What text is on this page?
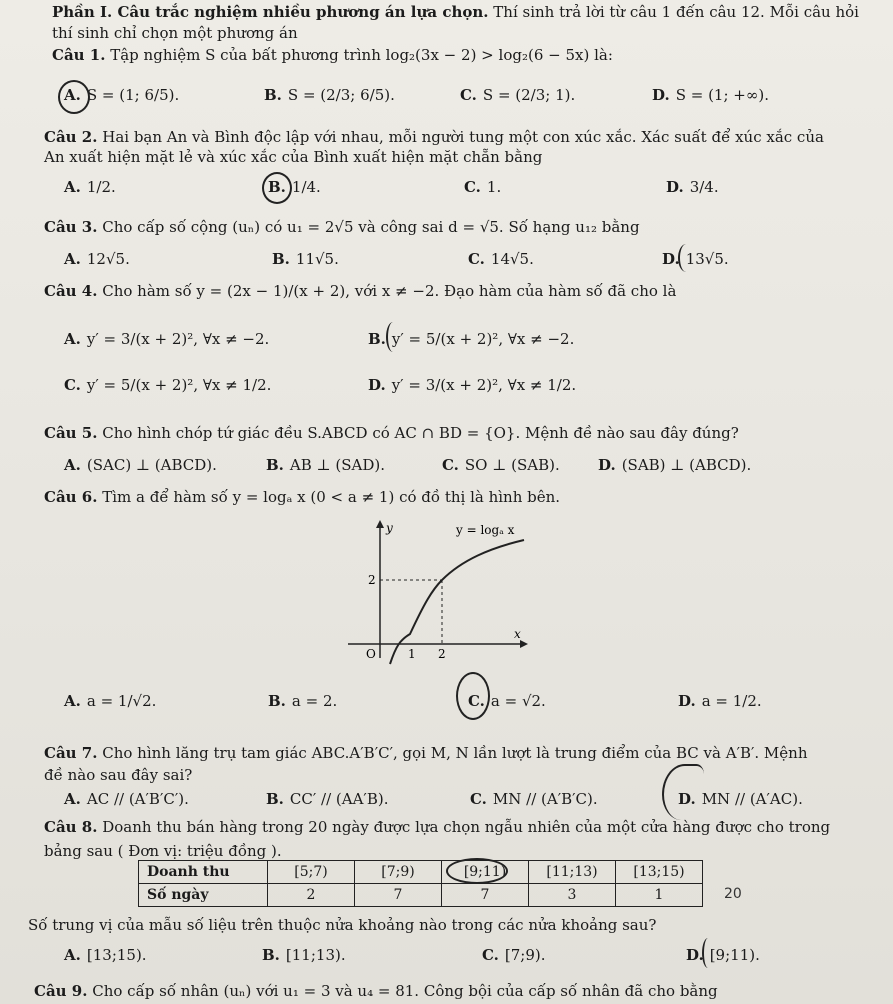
Phần I. Câu trắc nghiệm nhiều phương án lựa chọn. Thí sinh trả lời từ câu 1 đến câu 12. Mỗi câu hỏi
thí sinh chỉ chọn một phương án
Câu 1. Tập nghiệm S của bất phương trình log₂(3x − 2) > log₂(6 − 5x) là:
A. S = (1; 6/5).	B. S = (2/3; 6/5).	C. S = (2/3; 1).	D. S = (1; +∞).
Câu 2. Hai bạn An và Bình độc lập với nhau, mỗi người tung một con xúc xắc. Xác suất để xúc xắc của
An xuất hiện mặt lẻ và xúc xắc của Bình xuất hiện mặt chẵn bằng
A. 1/2.	B. 1/4.	C. 1.	D. 3/4.
Câu 3. Cho cấp số cộng (uₙ) có u₁ = 2√5 và công sai d = √5. Số hạng u₁₂ bằng
A. 12√5.	B. 11√5.	C. 14√5.	D. 13√5.
Câu 4. Cho hàm số y = (2x − 1)/(x + 2), với x ≠ −2. Đạo hàm của hàm số đã cho là
A. y′ = 3/(x + 2)², ∀x ≠ −2.	B. y′ = 5/(x + 2)², ∀x ≠ −2.
C. y′ = 5/(x + 2)², ∀x ≠ 1/2.	D. y′ = 3/(x + 2)², ∀x ≠ 1/2.
Câu 5. Cho hình chóp tứ giác đều S.ABCD có AC ∩ BD = {O}. Mệnh đề nào sau đây đúng?
A. (SAC) ⊥ (ABCD).	B. AB ⊥ (SAD).	C. SO ⊥ (SAB).	D. (SAB) ⊥ (ABCD).
Câu 6. Tìm a để hàm số y = logₐ x (0 < a ≠ 1) có đồ thị là hình bên.
y
x
y = logₐ x
2
O	1 2
A. a = 1/√2.	B. a = 2.	C. a = √2.	D. a = 1/2.
Câu 7. Cho hình lăng trụ tam giác ABC.A′B′C′, gọi M, N lần lượt là trung điểm của BC và A′B′. Mệnh
đề nào sau đây sai?
A. AC // (A′B′C′).	B. CC′ // (AA′B).	C. MN // (A′B′C).	D. MN // (A′AC).
Câu 8. Doanh thu bán hàng trong 20 ngày được lựa chọn ngẫu nhiên của một cửa hàng được cho trong
bảng sau ( Đơn vị: triệu đồng ).
Doanh thu	[5;7)	[7;9)	[9;11)	[11;13)	[13;15)
Số ngày	2	7	7	3	1	20
Số trung vị của mẫu số liệu trên thuộc nửa khoảng nào trong các nửa khoảng sau?
A. [13;15).	B. [11;13).	C. [7;9).	D. [9;11).
Câu 9. Cho cấp số nhân (uₙ) với u₁ = 3 và u₄ = 81. Công bội của cấp số nhân đã cho bằng
